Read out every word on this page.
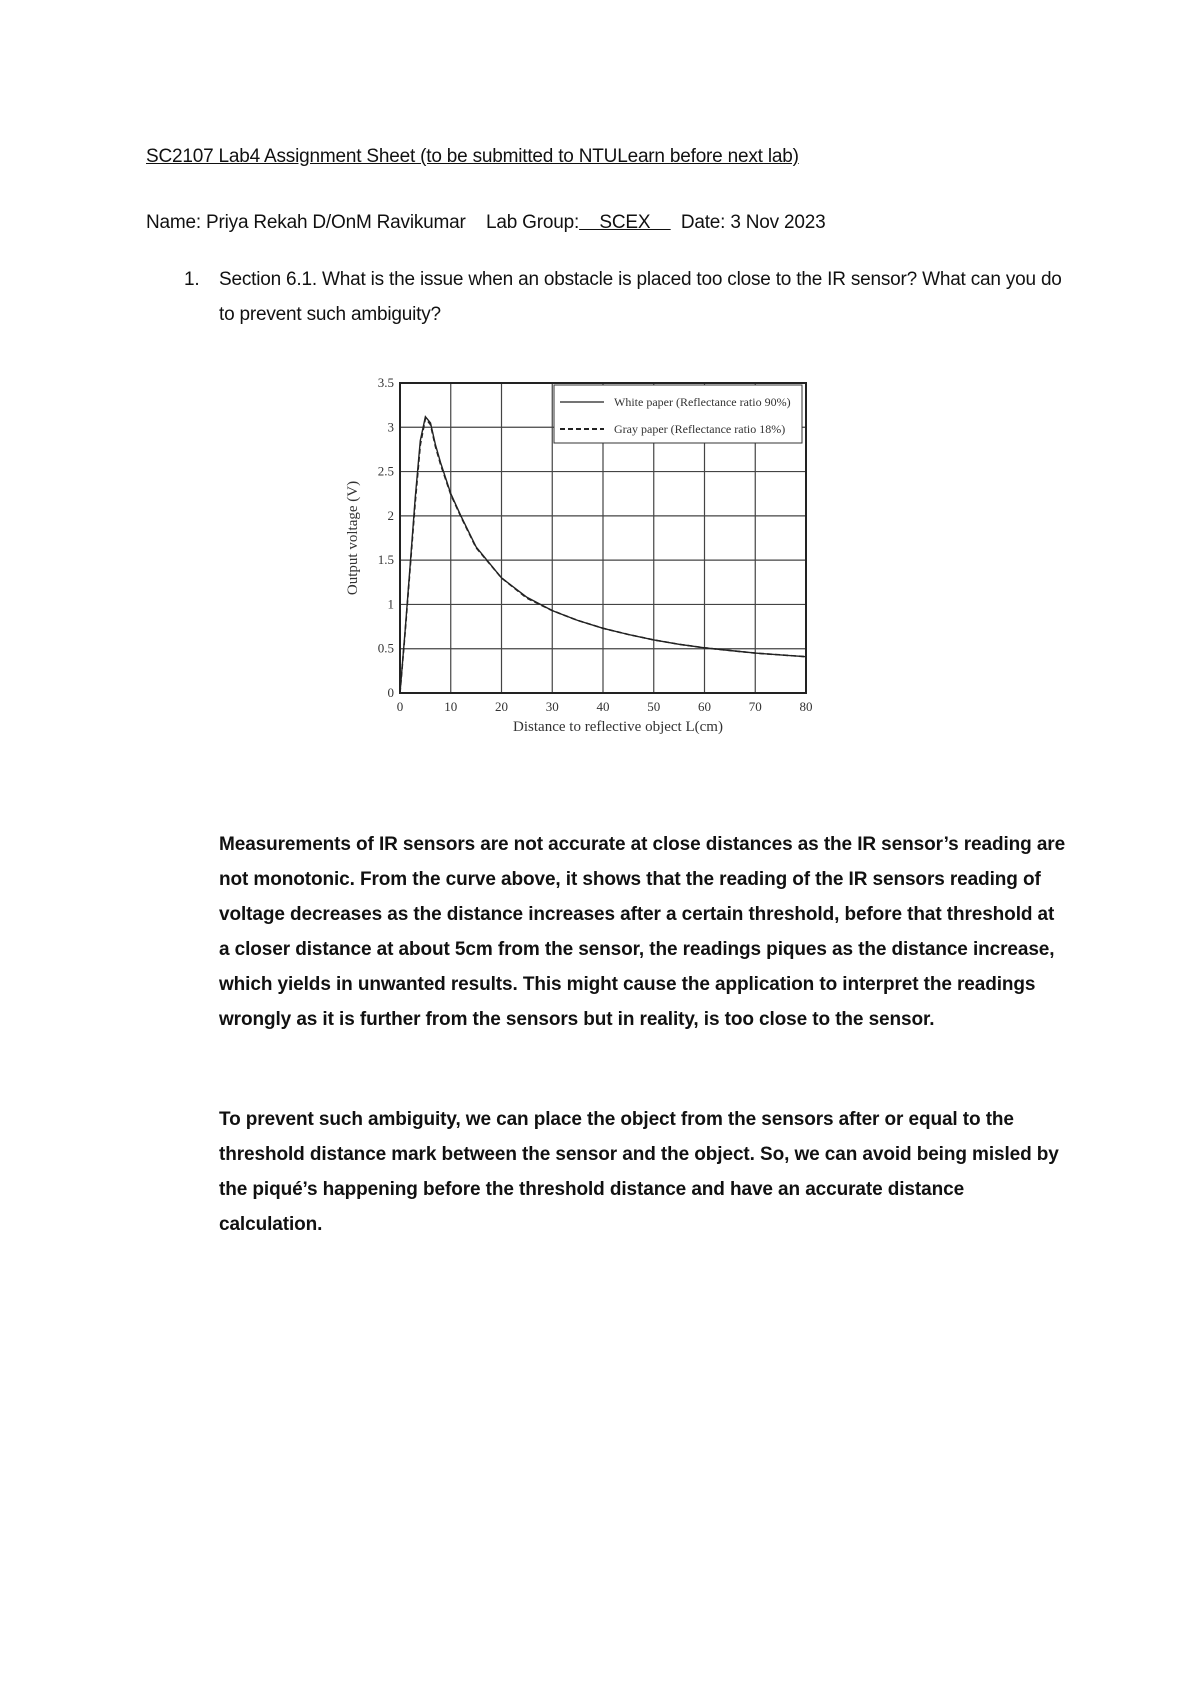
SC2107 Lab4 Assignment Sheet (to be submitted to NTULearn before next lab)
Name: Priya Rekah D/OnM Ravikumar Lab Group:    SCEX      Date: 3 Nov 2023
1. Section 6.1. What is the issue when an obstacle is placed too close to the IR sensor? What can you do to prevent such ambiguity?
0	10	20	30	40	50	60	70	80
0
0.5
1
1.5
2
2.5
3
3.5
Distance to reflective object L(cm)
Output voltage (V)
White paper (Reflectance ratio 90%)
Gray paper (Reflectance ratio 18%)
Measurements of IR sensors are not accurate at close distances as the IR sensor’s reading are not monotonic. From the curve above, it shows that the reading of the IR sensors reading of voltage decreases as the distance increases after a certain threshold, before that threshold at a closer distance at about 5cm from the sensor, the readings piques as the distance increase, which yields in unwanted results. This might cause the application to interpret the readings wrongly as it is further from the sensors but in reality, is too close to the sensor.
To prevent such ambiguity, we can place the object from the sensors after or equal to the threshold distance mark between the sensor and the object. So, we can avoid being misled by the piqué’s happening before the threshold distance and have an accurate distance calculation.
